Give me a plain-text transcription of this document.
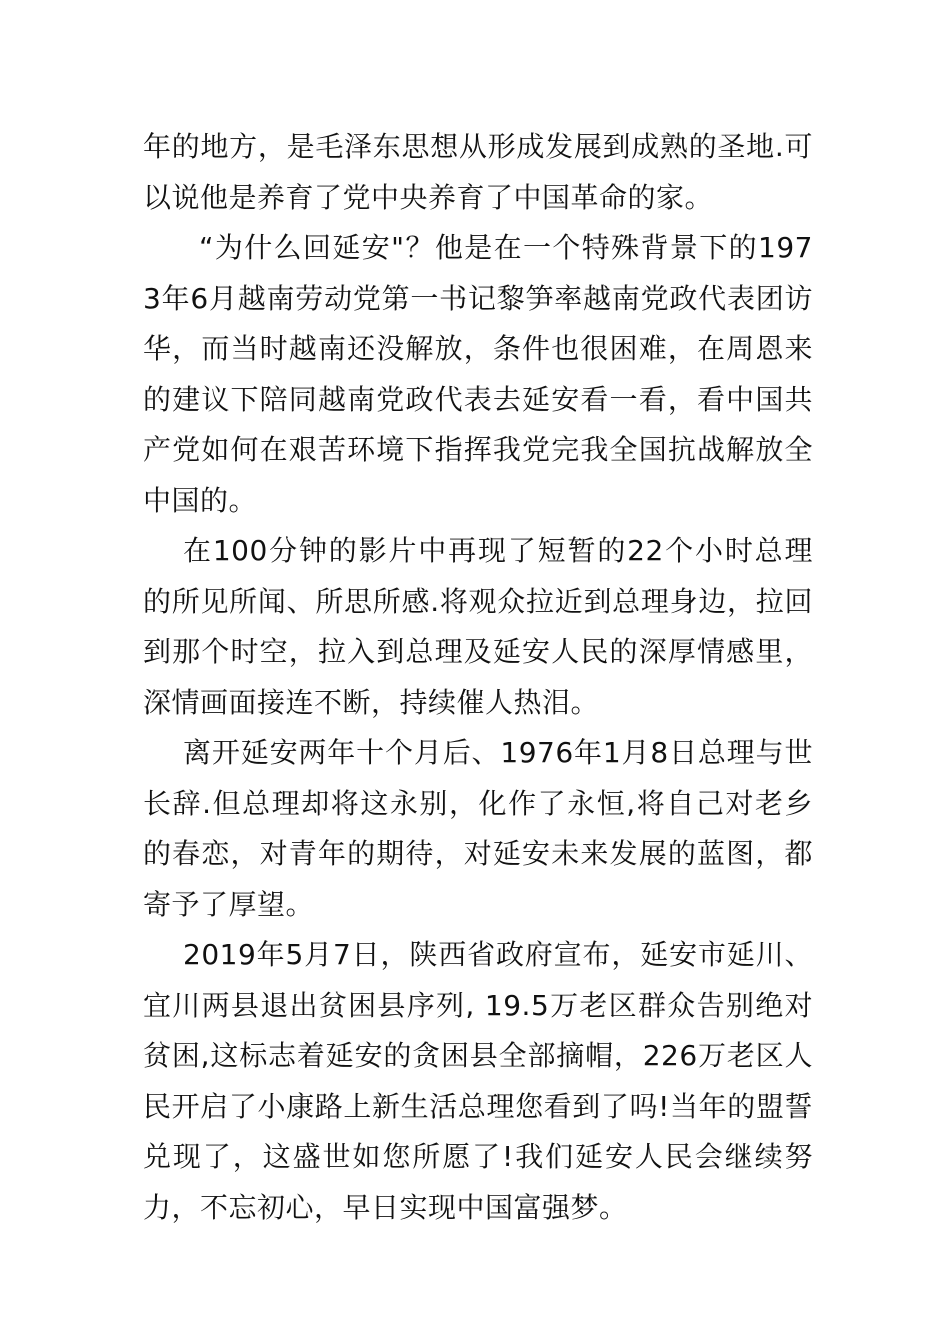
年的地方，是毛泽东思想从形成发展到成熟的圣地.可以说他是养育了党中央养育了中国革命的家。

“为什么回延安"？他是在一个特殊背景下的1973年6月越南劳动党第一书记黎笋率越南党政代表团访华，而当时越南还没解放，条件也很困难，在周恩来的建议下陪同越南党政代表去延安看一看，看中国共产党如何在艰苦环境下指挥我党完我全国抗战解放全中国的。

在100分钟的影片中再现了短暂的22个小时总理的所见所闻、所思所感.将观众拉近到总理身边，拉回到那个时空，拉入到总理及延安人民的深厚情感里，深情画面接连不断，持续催人热泪。

离开延安两年十个月后、1976年1月8日总理与世长辞.但总理却将这永别，化作了永恒,将自己对老乡的春恋，对青年的期待，对延安未来发展的蓝图，都寄予了厚望。

2019年5月7日，陕西省政府宣布，延安市延川、宜川两县退出贫困县序列, 19.5万老区群众告别绝对贫困,这标志着延安的贪困县全部摘帽，226万老区人民开启了小康路上新生活总理您看到了吗!当年的盟誓兑现了，这盛世如您所愿了!我们延安人民会继续努力，不忘初心，早日实现中国富强梦。
